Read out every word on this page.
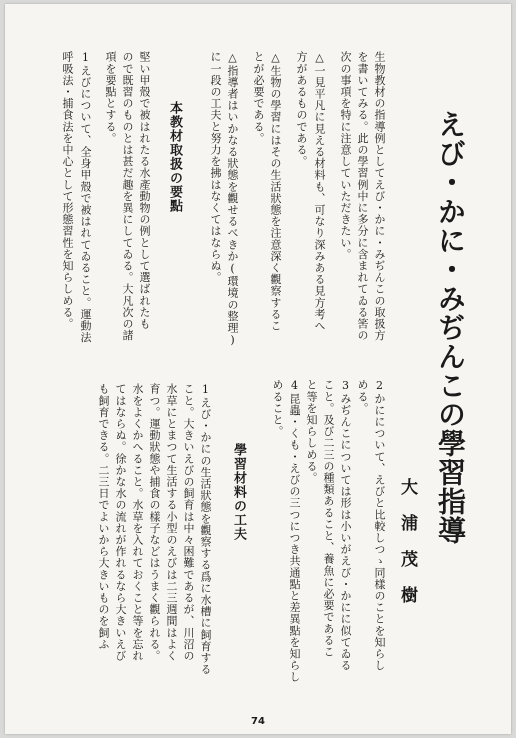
えび・かに・みぢんこの學習指導
大浦茂樹
2かにについて、えびと比較しつゝ同樣のことを知らし
める。
3みぢんこについては形は小いがえび・かにに似てゐる
こと。及び二三の種類あること、養魚に必要であるこ
と等を知らしめる。
4昆蟲・くも・えびの三つにつき共通點と差異點を知らし
めること。
學習材料の工夫
1えび・かにの生活狀態を觀察する爲に水槽に飼育する
こと。大きいえびの飼育は中々困難であるが、川沼の
水草にとまつて生活する小型のえびは二三週間はよく
育つ。運動狀態や捕食の樣子などはうまく觀られる。
水をよくかへること。水草を入れておくこと等を忘れ
てはならぬ。徐かな水の流れが作れるなら大きいえび
も飼育できる。二三日でよいから大きいものを飼ふ
生物教材の指導例としてえび・かに・みぢんこの取扱方
を書いてみる。此の學習例中に多分に含まれてゐる筈の
次の事項を特に注意していただきたい。
△一見平凡に見える材料も、可なり深みある見方考へ
方があるものである。
△生物の學習にはその生活狀態を注意深く觀察するこ
とが必要である。
△指導者はいかなる狀態を觀せるべきか(環境の整理)
に一段の工夫と努力を拂はなくてはならぬ。
本教材取扱の要點
堅い甲殼で被はれたる水產動物の例として選ばれたも
ので既習のものとは甚だ趣を異にしてゐる。大凡次の諸
項を要點とする。
1えびについて、全身甲殼で被はれてゐること。運動法
呼吸法・捕食法を中心として形態習性を知らしめる。
74
